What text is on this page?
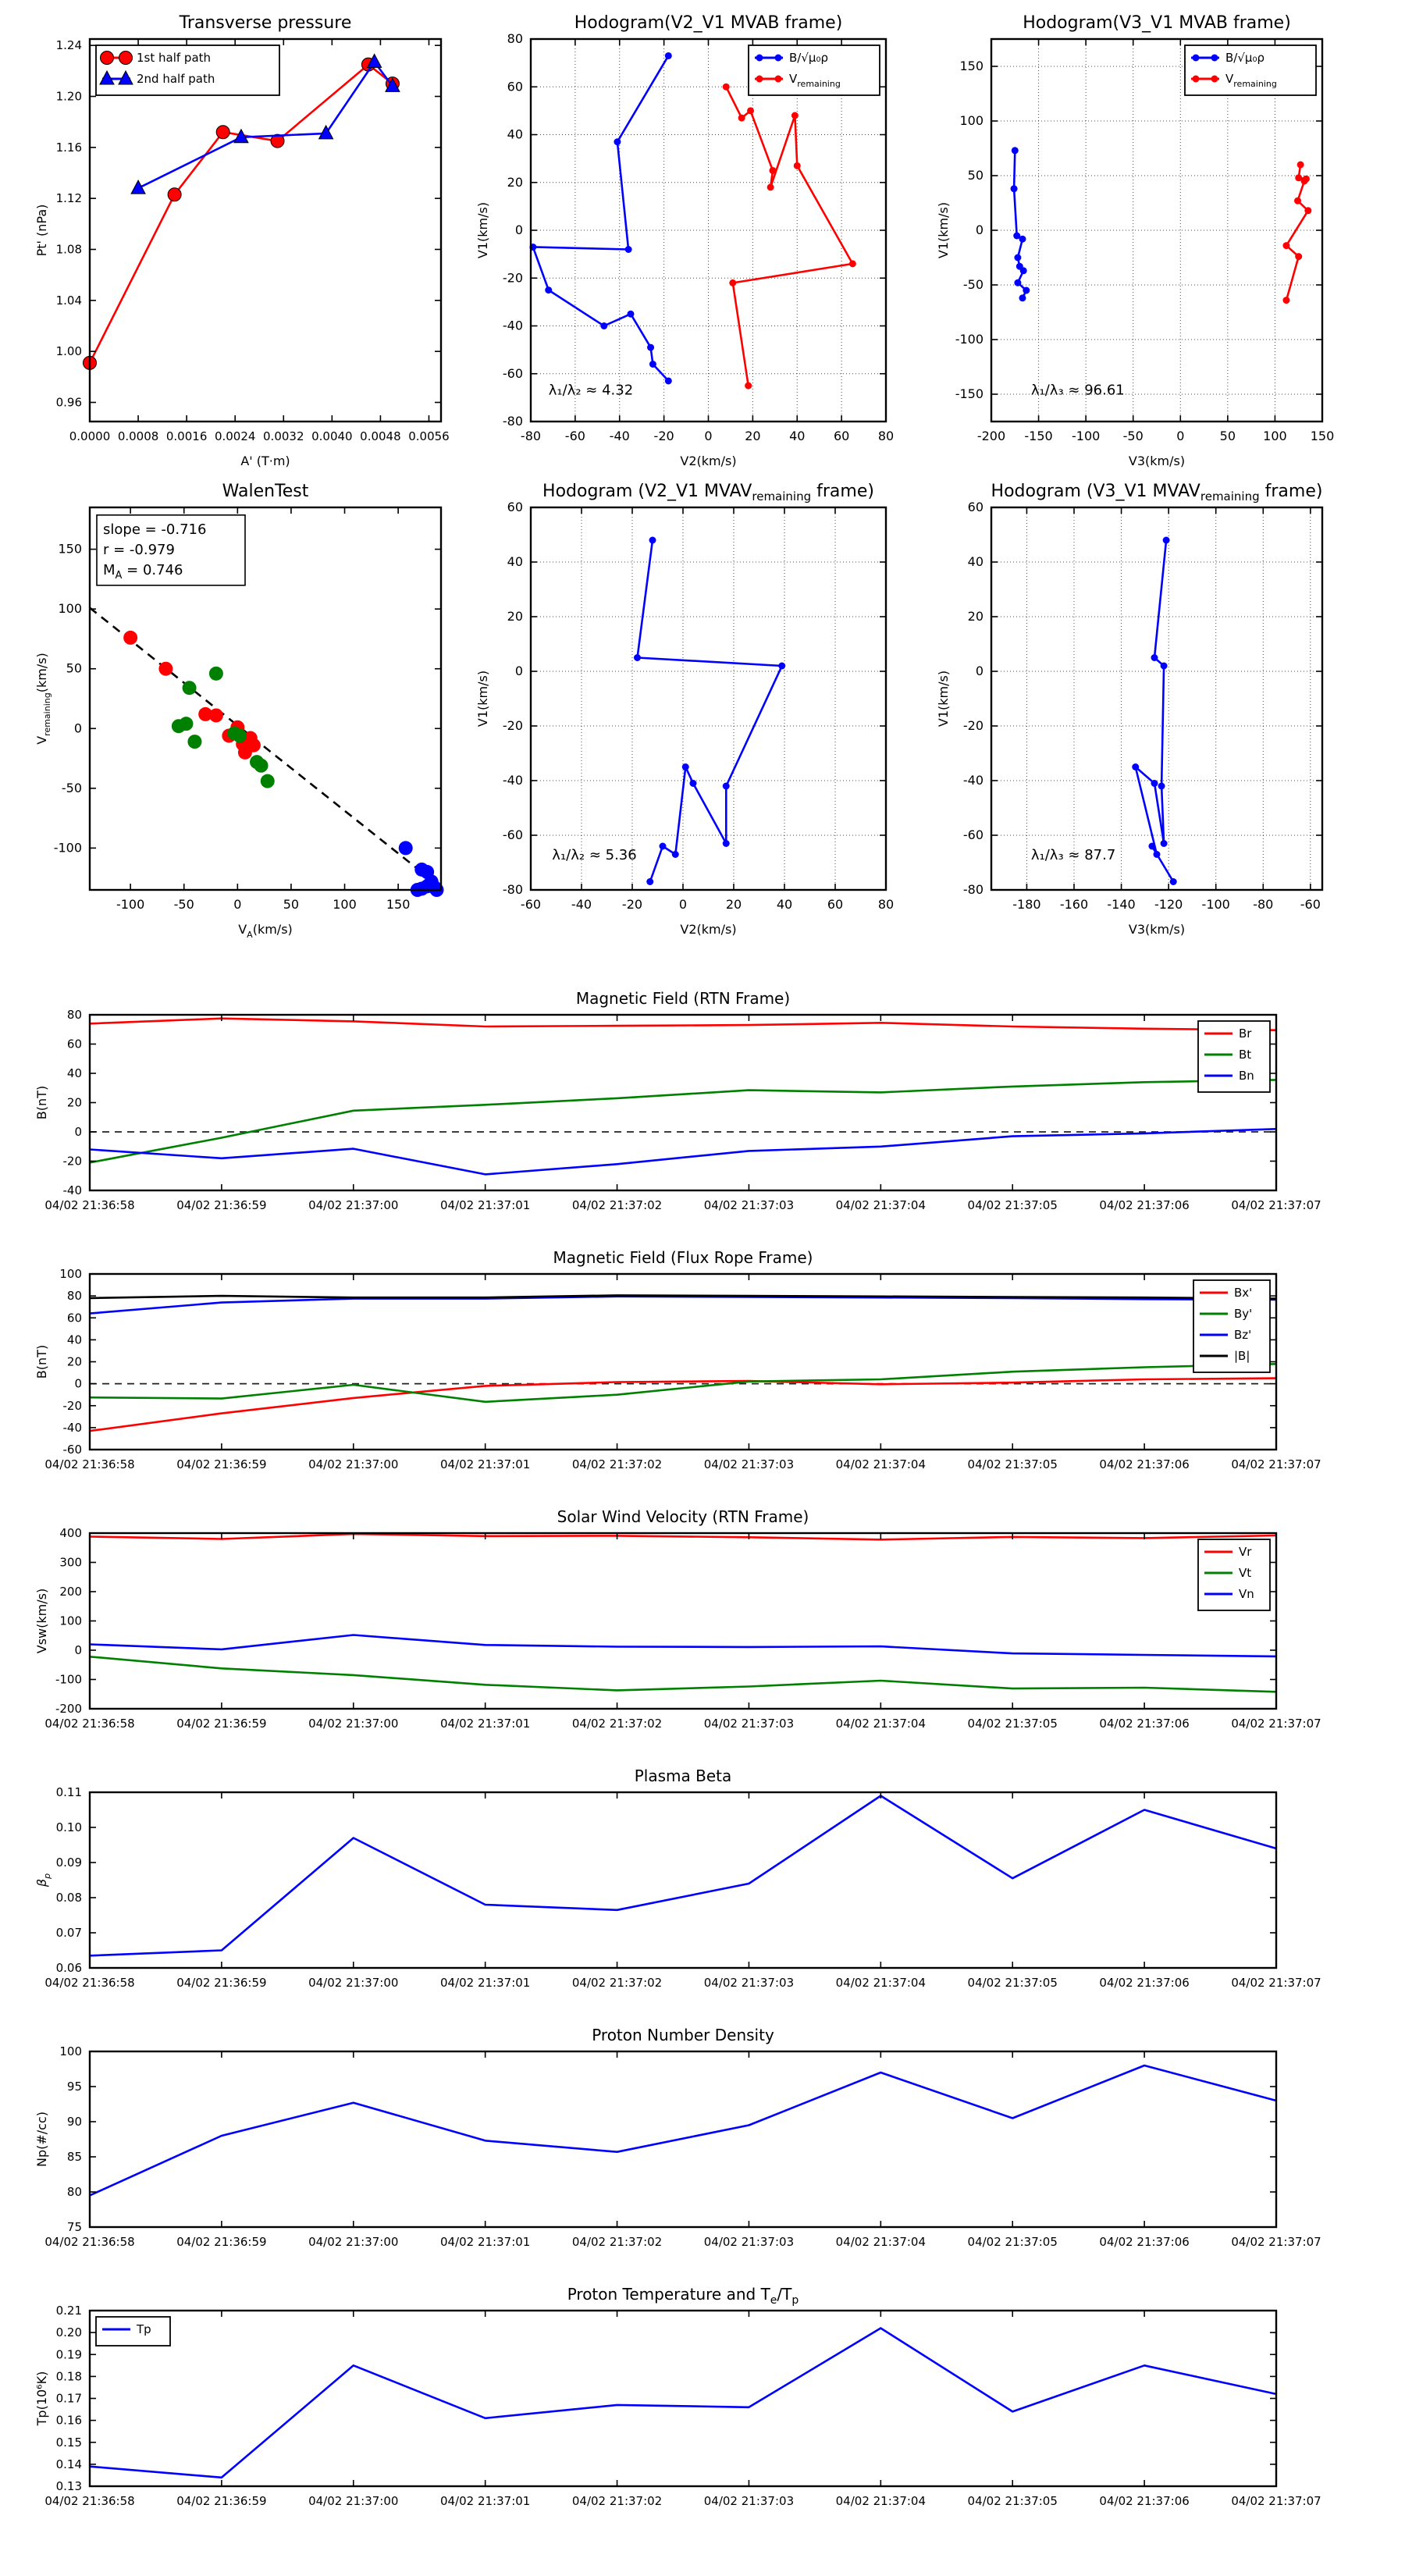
0.0000 0.0008 0.0016 0.0024 0.0032 0.0040 0.0048 0.0056
0.96
1.00
1.04
1.08
1.12
1.16
1.20
1.24
Transverse pressure
A' (T·m)
Pt' (nPa)
1st half path
2nd half path
-80 -60 -40 -20 0	20 40 60 80
-80
-60
-40
-20
0
20
40
60
80
Hodogram(V2_V1 MVAB frame)
V2(km/s)
V1(km/s)
λ₁/λ₂ ≈ 4.32
B/√μ₀ρ
$V_{remaining}$
-200 -150 -100 -50	0	50 100 150
-150
-100
-50
0
50
100
150
Hodogram(V3_V1 MVAB frame)
V3(km/s)
V1(km/s)
λ₁/λ₃ ≈ 96.61
B/√μ₀ρ
$V_{remaining}$
-100 -50	0	50	100 150
-100
-50
0
50
100
150
WalenTest
$V_A(km/s)$
$V_{remaining}(km/s)$
slope = -0.716
r = -0.979
$M_A = 0.746$
-60 -40 -20	0	20	40	60	80
-80
-60
-40
-20
0
20
40
60
Hodogram (V2_V1 $MVAV_{remaining}$ frame)
V2(km/s)
V1(km/s)
λ₁/λ₂ ≈ 5.36
-180 -160 -140 -120 -100 -80 -60
-80
-60
-40
-20
0
20
40
60
Hodogram (V3_V1 $MVAV_{remaining}$ frame)
V3(km/s)
V1(km/s)
λ₁/λ₃ ≈ 87.7
04/02 21:36:58	04/02 21:36:59	04/02 21:37:00	04/02 21:37:01	04/02 21:37:02	04/02 21:37:03	04/02 21:37:04	04/02 21:37:05	04/02 21:37:06	04/02 21:37:07
-40
-20
0
20
40
60
80
Magnetic Field (RTN Frame)
B(nT)
Br
Bt
Bn
04/02 21:36:58	04/02 21:36:59	04/02 21:37:00	04/02 21:37:01	04/02 21:37:02	04/02 21:37:03	04/02 21:37:04	04/02 21:37:05	04/02 21:37:06	04/02 21:37:07
-60
-40
-20
0
20
40
60
80
100
Magnetic Field (Flux Rope Frame)
B(nT)
Bx'
By'
Bz'
|B|
04/02 21:36:58	04/02 21:36:59	04/02 21:37:00	04/02 21:37:01	04/02 21:37:02	04/02 21:37:03	04/02 21:37:04	04/02 21:37:05	04/02 21:37:06	04/02 21:37:07
-200
-100
0
100
200
300
400
Solar Wind Velocity (RTN Frame)
Vsw(km/s)
Vr
Vt
Vn
04/02 21:36:58	04/02 21:36:59	04/02 21:37:00	04/02 21:37:01	04/02 21:37:02	04/02 21:37:03	04/02 21:37:04	04/02 21:37:05	04/02 21:37:06	04/02 21:37:07
0.06
0.07
0.08
0.09
0.10
0.11
Plasma Beta
$\beta_p$
04/02 21:36:58	04/02 21:36:59	04/02 21:37:00	04/02 21:37:01	04/02 21:37:02	04/02 21:37:03	04/02 21:37:04	04/02 21:37:05	04/02 21:37:06	04/02 21:37:07
75
80
85
90
95
100
Proton Number Density
Np(#/cc)
04/02 21:36:58	04/02 21:36:59	04/02 21:37:00	04/02 21:37:01	04/02 21:37:02	04/02 21:37:03	04/02 21:37:04	04/02 21:37:05	04/02 21:37:06	04/02 21:37:07
0.13
0.14
0.15
0.16
0.17
0.18
0.19
0.20
0.21
Proton Temperature and $T_e/T_p$
Tp(10⁶K)
Tp
